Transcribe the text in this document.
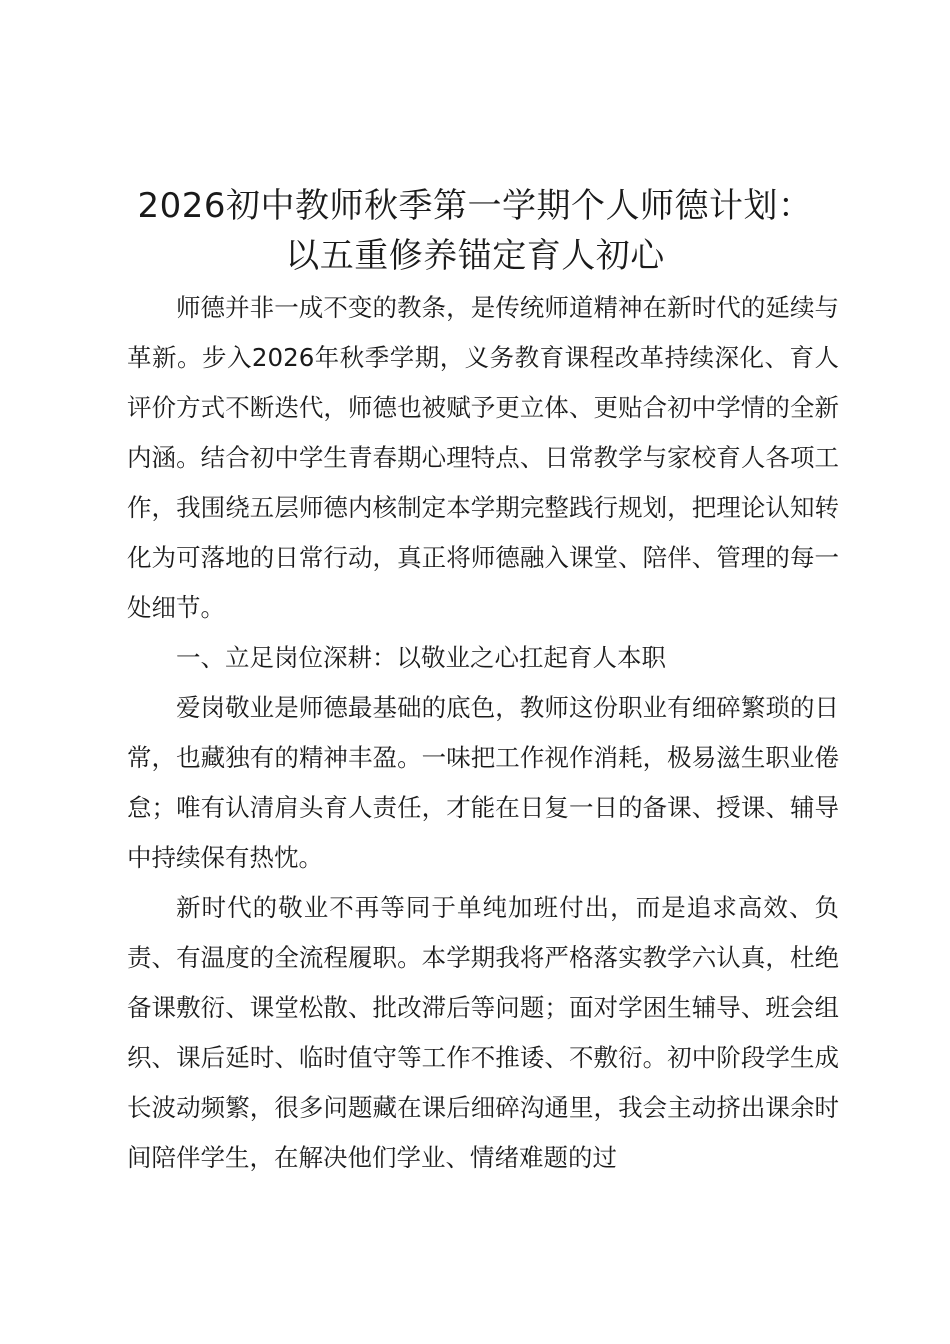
2026初中教师秋季第一学期个人师德计划：
以五重修养锚定育人初心

师德并非一成不变的教条，是传统师道精神在新时代的延续与革新。步入2026年秋季学期，义务教育课程改革持续深化、育人评价方式不断迭代，师德也被赋予更立体、更贴合初中学情的全新内涵。结合初中学生青春期心理特点、日常教学与家校育人各项工作，我围绕五层师德内核制定本学期完整践行规划，把理论认知转化为可落地的日常行动，真正将师德融入课堂、陪伴、管理的每一处细节。

一、立足岗位深耕：以敬业之心扛起育人本职

爱岗敬业是师德最基础的底色，教师这份职业有细碎繁琐的日常，也藏独有的精神丰盈。一味把工作视作消耗，极易滋生职业倦怠；唯有认清肩头育人责任，才能在日复一日的备课、授课、辅导中持续保有热忱。

新时代的敬业不再等同于单纯加班付出，而是追求高效、负责、有温度的全流程履职。本学期我将严格落实教学六认真，杜绝备课敷衍、课堂松散、批改滞后等问题；面对学困生辅导、班会组织、课后延时、临时值守等工作不推诿、不敷衍。初中阶段学生成长波动频繁，很多问题藏在课后细碎沟通里，我会主动挤出课余时间陪伴学生，在解决他们学业、情绪难题的过
